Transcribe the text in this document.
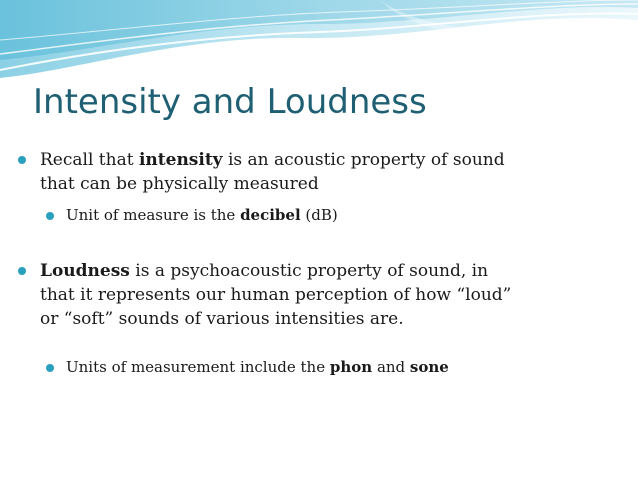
Intensity and Loudness
Recall that intensity is an acoustic property of sound
that can be physically measured
Unit of measure is the decibel (dB)
Loudness is a psychoacoustic property of sound, in
that it represents our human perception of how “loud”
or “soft” sounds of various intensities are.
Units of measurement include the phon and sone
